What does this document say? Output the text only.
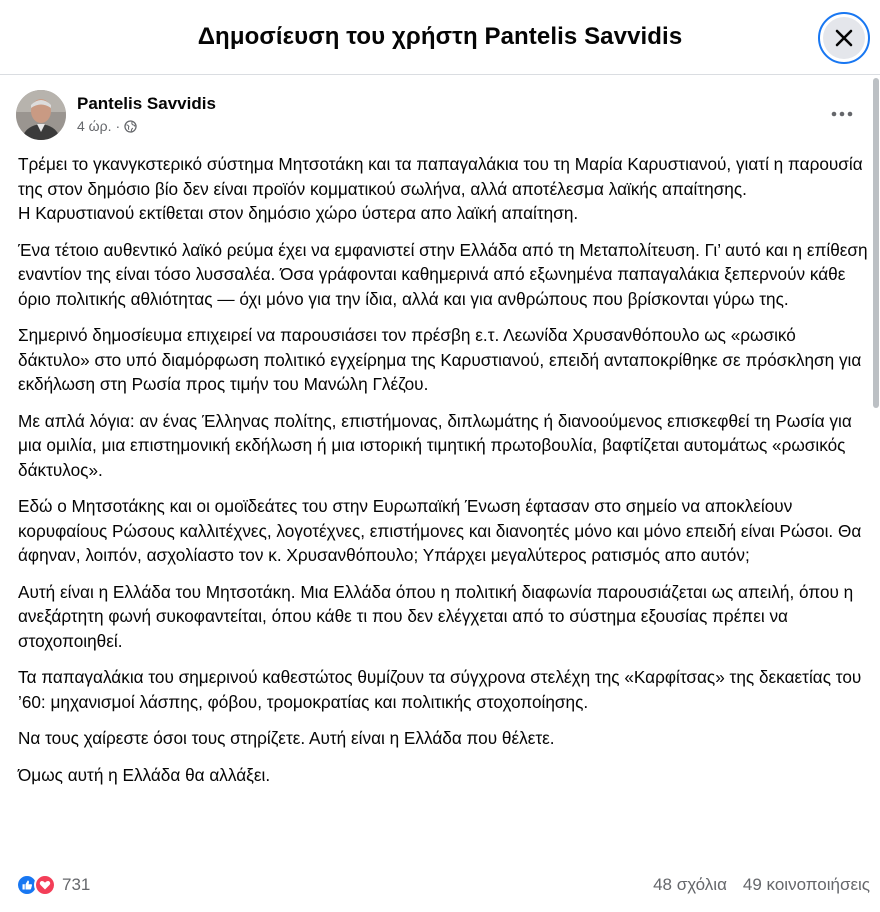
Δημοσίευση του χρήστη Pantelis Savvidis
Pantelis Savvidis
4 ώρ. ·
Τρέμει το γκανγκστερικό σύστημα Μητσοτάκη και τα παπαγαλάκια του τη Μαρία Καρυστιανού, γιατί η παρουσία της στον δημόσιο βίο δεν είναι προϊόν κομματικού σωλήνα, αλλά αποτέλεσμα λαϊκής απαίτησης.
Η Καρυστιανού εκτίθεται στον δημόσιο χώρο ύστερα απο λαϊκή απαίτηση.
Ένα τέτοιο αυθεντικό λαϊκό ρεύμα έχει να εμφανιστεί στην Ελλάδα από τη Μεταπολίτευση. Γι’ αυτό και η επίθεση εναντίον της είναι τόσο λυσσαλέα. Όσα γράφονται καθημερινά από εξωνημένα παπαγαλάκια ξεπερνούν κάθε όριο πολιτικής αθλιότητας — όχι μόνο για την ίδια, αλλά και για ανθρώπους που βρίσκονται γύρω της.
Σημερινό δημοσίευμα επιχειρεί να παρουσιάσει τον πρέσβη ε.τ. Λεωνίδα Χρυσανθόπουλο ως «ρωσικό δάκτυλο» στο υπό διαμόρφωση πολιτικό εγχείρημα της Καρυστιανού, επειδή ανταποκρίθηκε σε πρόσκληση για εκδήλωση στη Ρωσία προς τιμήν του Μανώλη Γλέζου.
Με απλά λόγια: αν ένας Έλληνας πολίτης, επιστήμονας, διπλωμάτης ή διανοούμενος επισκεφθεί τη Ρωσία για μια ομιλία, μια επιστημονική εκδήλωση ή μια ιστορική τιμητική πρωτοβουλία, βαφτίζεται αυτομάτως «ρωσικός δάκτυλος».
Εδώ ο Μητσοτάκης και οι ομοϊδεάτες του στην Ευρωπαϊκή Ένωση έφτασαν στο σημείο να αποκλείουν κορυφαίους Ρώσους καλλιτέχνες, λογοτέχνες, επιστήμονες και διανοητές μόνο και μόνο επειδή είναι Ρώσοι. Θα άφηναν, λοιπόν, ασχολίαστο τον κ. Χρυσανθόπουλο; Υπάρχει μεγαλύτερος ρατισμός απο αυτόν;
Αυτή είναι η Ελλάδα του Μητσοτάκη. Μια Ελλάδα όπου η πολιτική διαφωνία παρουσιάζεται ως απειλή, όπου η ανεξάρτητη φωνή συκοφαντείται, όπου κάθε τι που δεν ελέγχεται από το σύστημα εξουσίας πρέπει να στοχοποιηθεί.
Τα παπαγαλάκια του σημερινού καθεστώτος θυμίζουν τα σύγχρονα στελέχη της «Καρφίτσας» της δεκαετίας του ’60: μηχανισμοί λάσπης, φόβου, τρομοκρατίας και πολιτικής στοχοποίησης.
Να τους χαίρεστε όσοι τους στηρίζετε. Αυτή είναι η Ελλάδα που θέλετε.
Όμως αυτή η Ελλάδα θα αλλάξει.
731	48 σχόλια 49 κοινοποιήσεις
